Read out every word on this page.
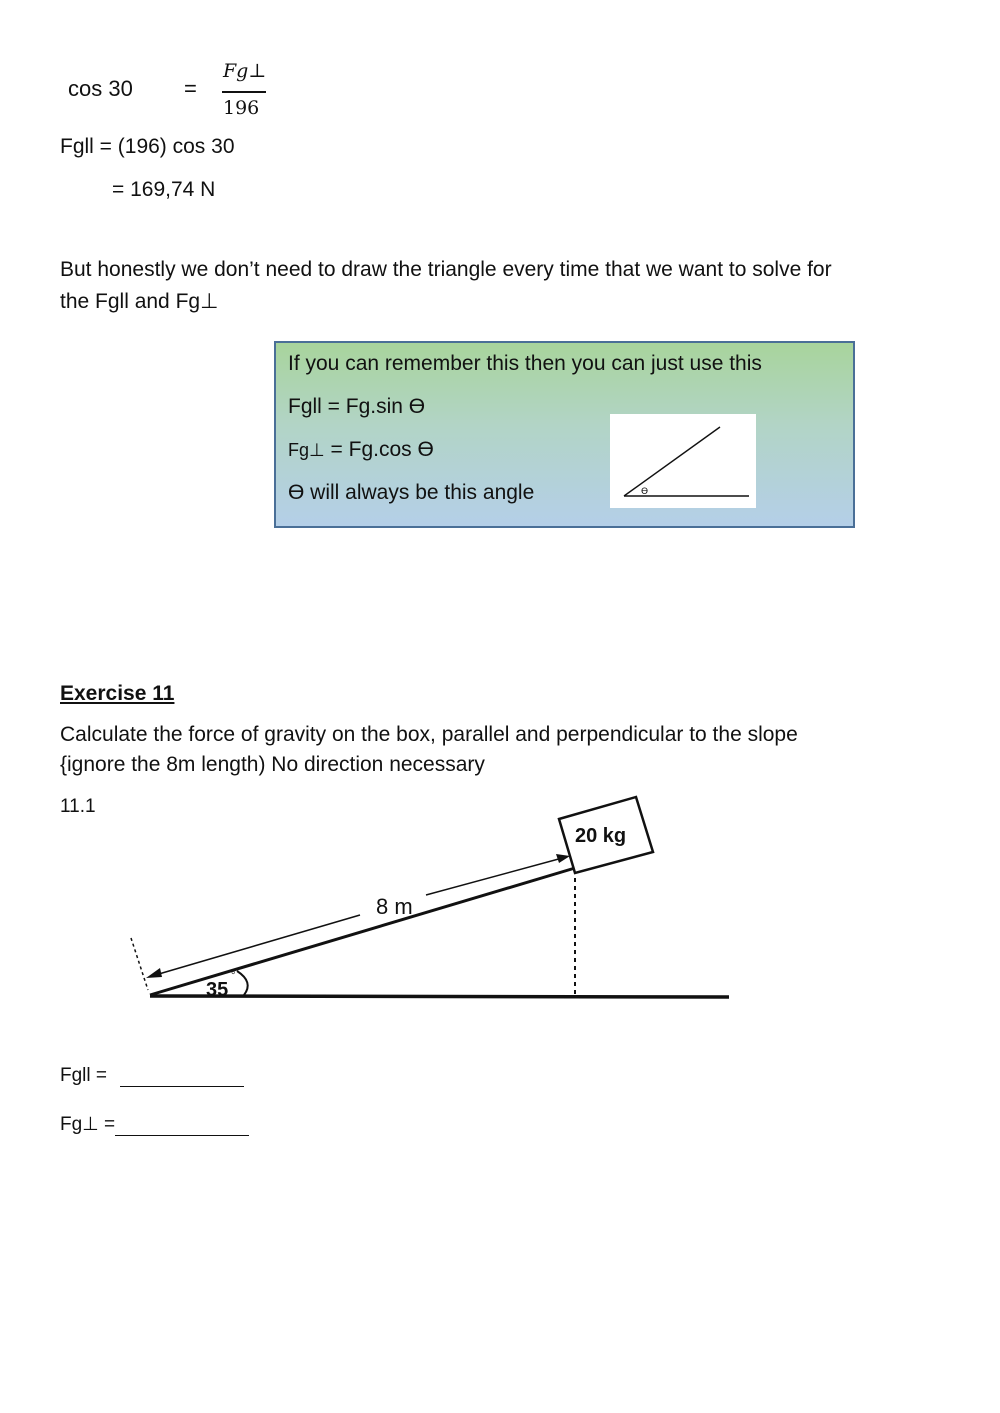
cos 30 =
Fg⊥
196
Fgll = (196) cos 30
= 169,74 N
But honestly we don’t need to draw the triangle every time that we want to solve for
the Fgll and Fg⊥
If you can remember this then you can just use this
Fgll = Fg.sin ϴ
Fg⊥ = Fg.cos ϴ
ϴ will always be this angle	ϴ
Exercise 11
Calculate the force of gravity on the box, parallel and perpendicular to the slope
{ignore the 8m length) No direction necessary
11.1
20 kg
8 m
35
°
Fgll =
Fg⊥ =
